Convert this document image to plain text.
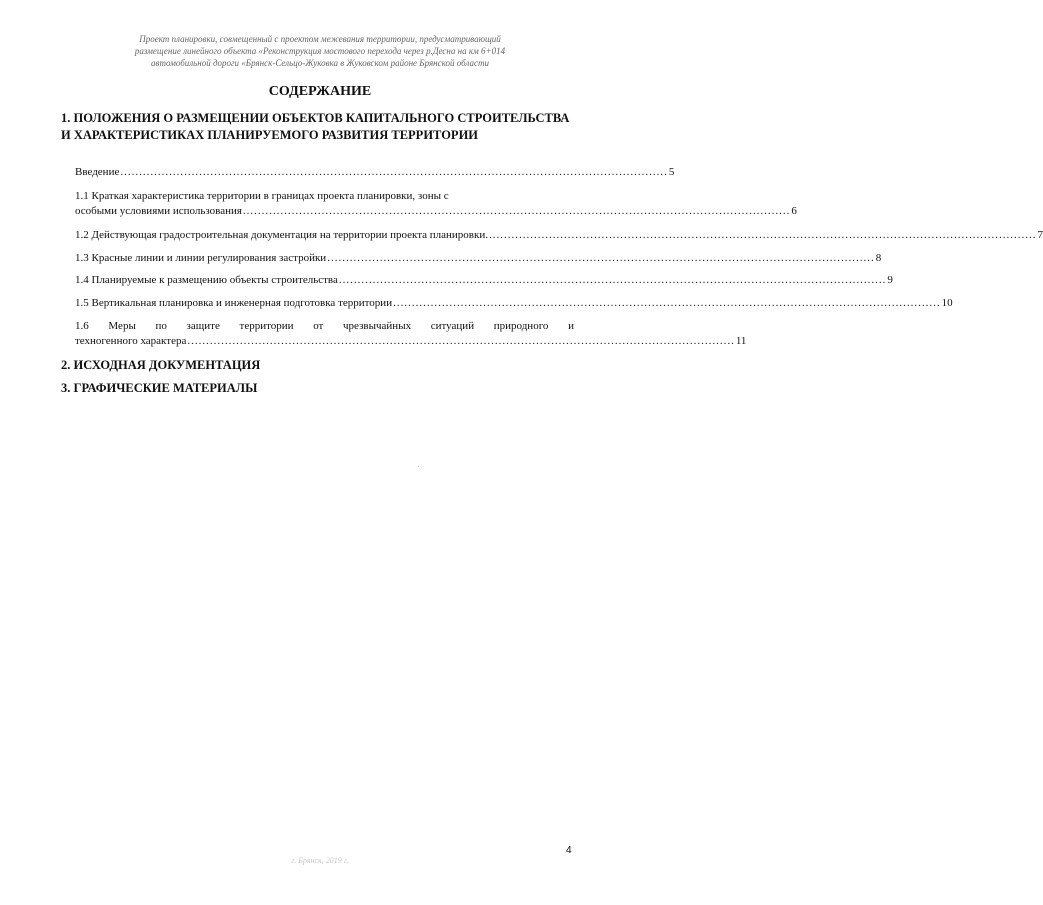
Проект планировки, совмещенный с проектом межевания территории, предусматривающий
размещение линейного объекта «Реконструкция мостового перехода через р.Десна на км 6+014
автомобильной дороги «Брянск-Сельцо-Жуковка в Жуковском районе Брянской области
СОДЕРЖАНИЕ
1. ПОЛОЖЕНИЯ О РАЗМЕЩЕНИИ ОБЪЕКТОВ КАПИТАЛЬНОГО СТРОИТЕЛЬСТВА И ХАРАКТЕРИСТИКАХ ПЛАНИРУЕМОГО РАЗВИТИЯ ТЕРРИТОРИИ
Введение .................................................................................................................................................. 5
1.1 Краткая характеристика территории в границах проекта планировки, зоны с
особыми условиями использования .................................................................................................................................................. 6
1.2 Действующая градостроительная документация на территории проекта планировки. .................................................................................................................................................. 7
1.3 Красные линии и линии регулирования застройки .................................................................................................................................................. 8
1.4 Планируемые к размещению объекты строительства .................................................................................................................................................. 9
1.5 Вертикальная планировка и инженерная подготовка территории .................................................................................................................................................. 10
1.6 Меры по защите территории от чрезвычайных ситуаций природного и
техногенного характера .................................................................................................................................................. 11
2. ИСХОДНАЯ ДОКУМЕНТАЦИЯ
3. ГРАФИЧЕСКИЕ МАТЕРИАЛЫ
4
г. Брянск, 2019 г.
